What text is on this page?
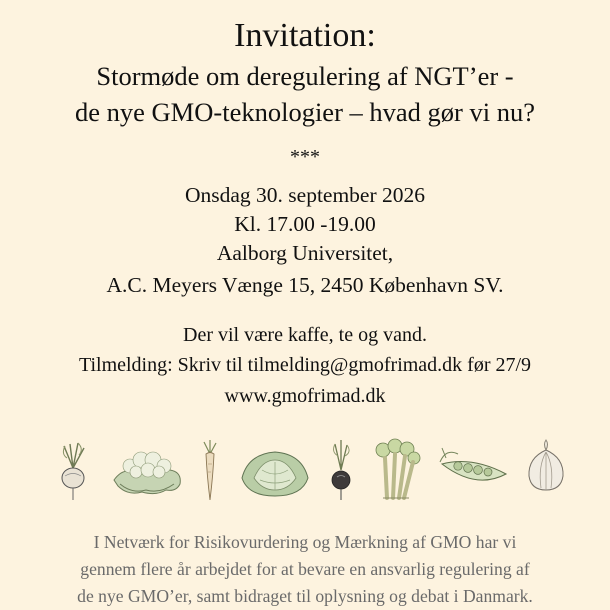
Invitation:
Stormøde om deregulering af NGT’er -
de nye GMO-teknologier – hvad gør vi nu?
***
Onsdag 30. september 2026
Kl. 17.00 -19.00
Aalborg Universitet,
A.C. Meyers Vænge 15, 2450 København SV.
Der vil være kaffe, te og vand.
Tilmelding: Skriv til tilmelding@gmofrimad.dk før 27/9
www.gmofrimad.dk
I Netværk for Risikovurdering og Mærkning af GMO har vi
gennem flere år arbejdet for at bevare en ansvarlig regulering af
de nye GMO’er, samt bidraget til oplysning og debat i Danmark.
